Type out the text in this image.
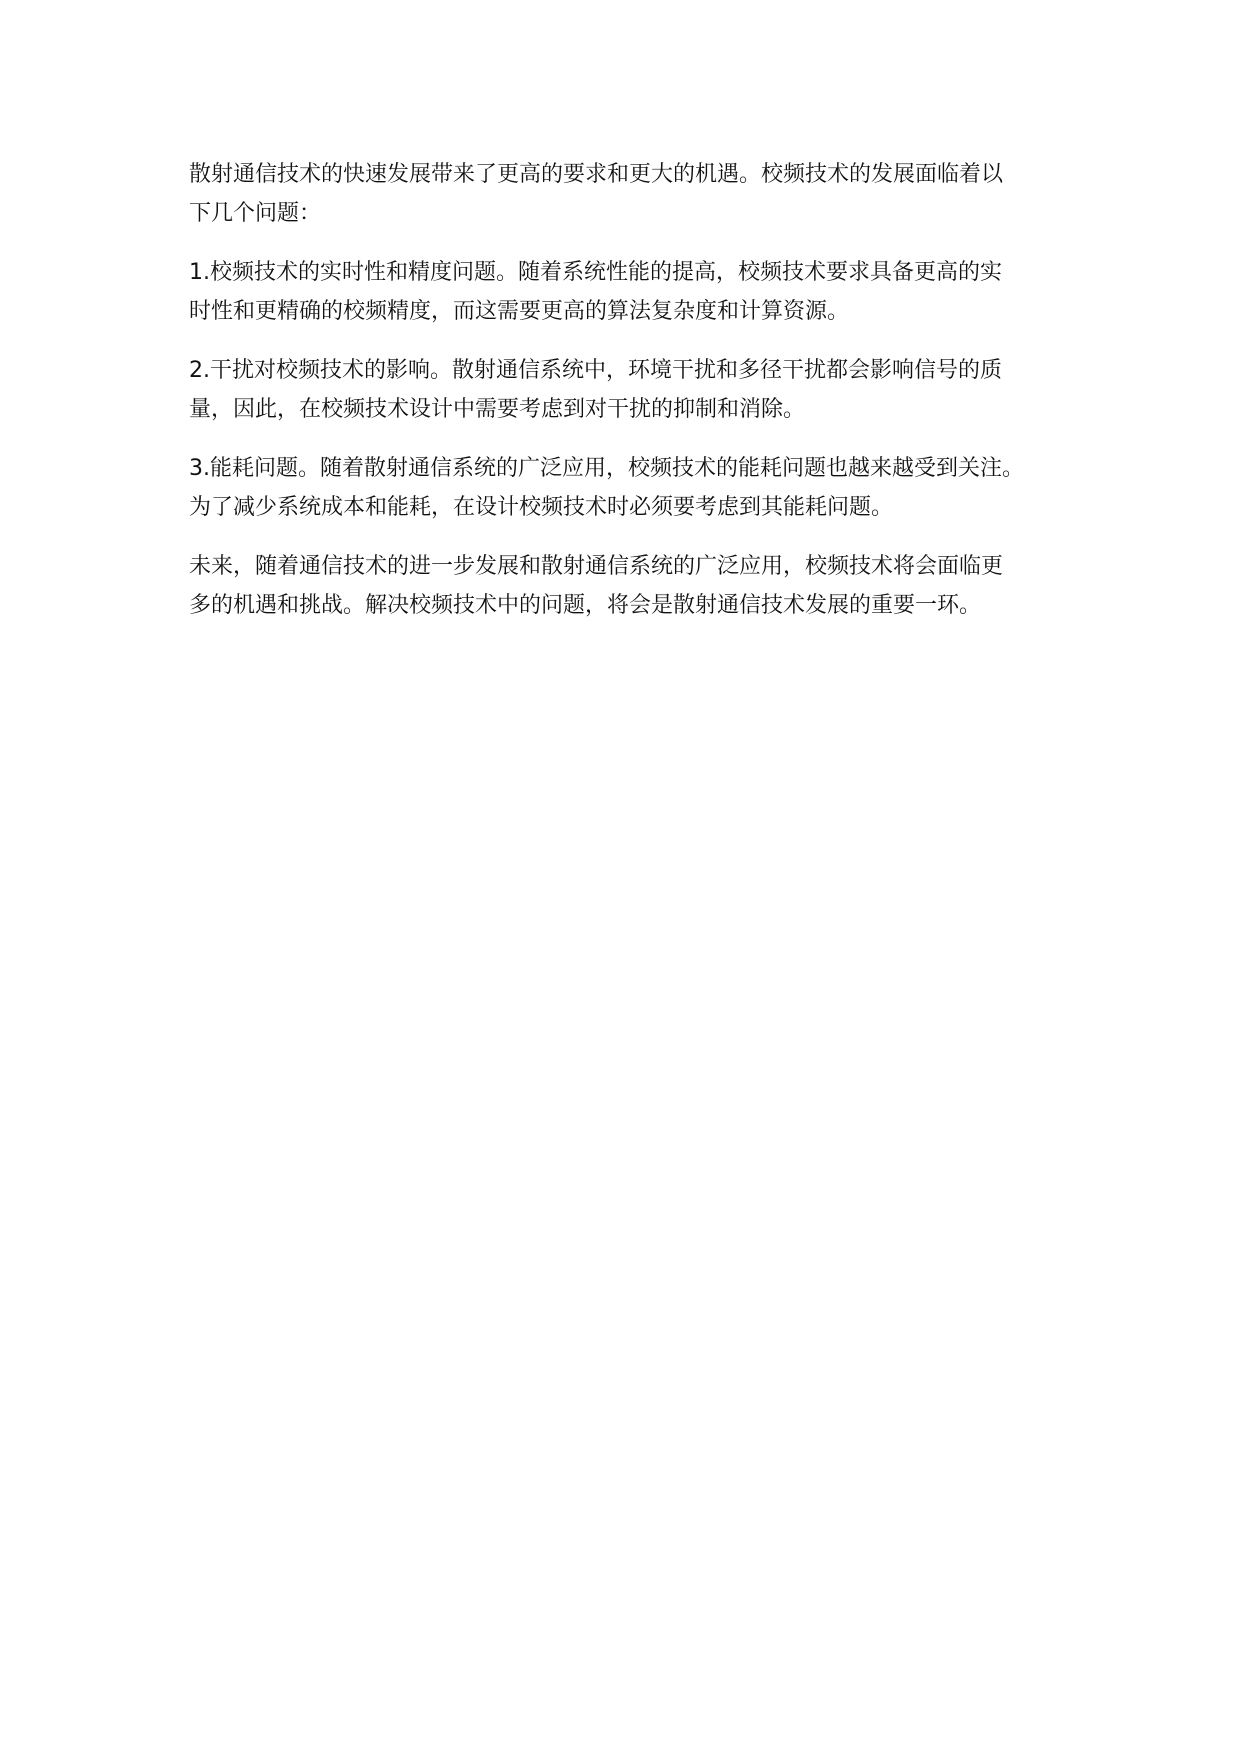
散射通信技术的快速发展带来了更高的要求和更大的机遇。校频技术的发展面临着以
下几个问题：

1.校频技术的实时性和精度问题。随着系统性能的提高，校频技术要求具备更高的实
时性和更精确的校频精度，而这需要更高的算法复杂度和计算资源。

2.干扰对校频技术的影响。散射通信系统中，环境干扰和多径干扰都会影响信号的质
量，因此，在校频技术设计中需要考虑到对干扰的抑制和消除。

3.能耗问题。随着散射通信系统的广泛应用，校频技术的能耗问题也越来越受到关注。
为了减少系统成本和能耗，在设计校频技术时必须要考虑到其能耗问题。

未来，随着通信技术的进一步发展和散射通信系统的广泛应用，校频技术将会面临更
多的机遇和挑战。解决校频技术中的问题，将会是散射通信技术发展的重要一环。
